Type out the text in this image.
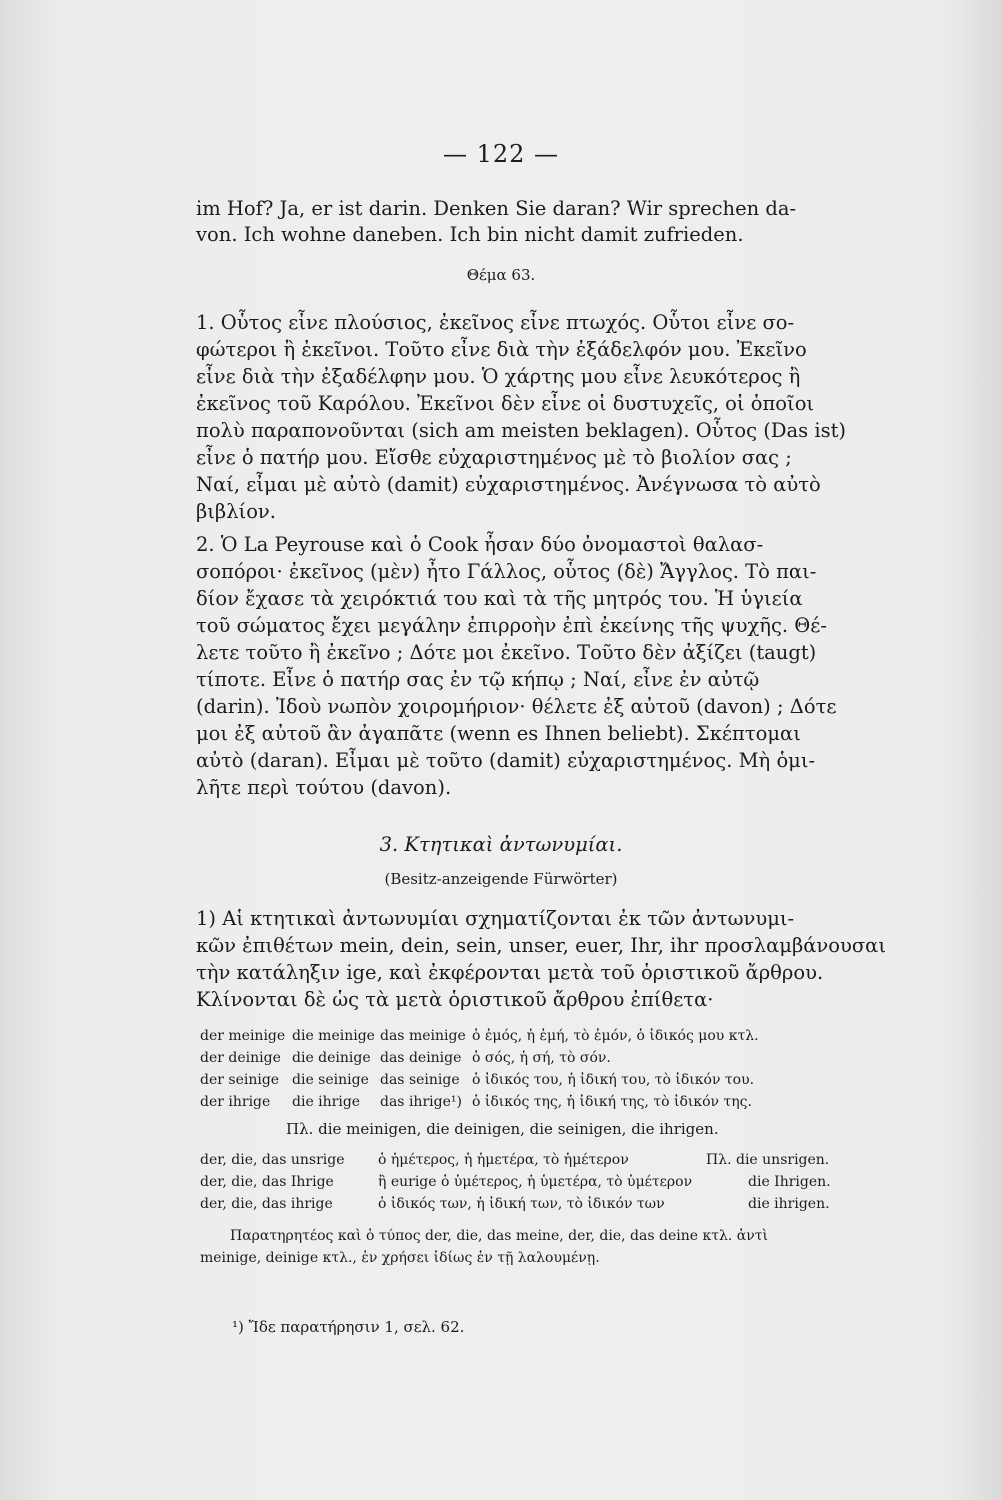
— 122 —
im Hof? Ja, er ist darin. Denken Sie daran? Wir sprechen da-
von. Ich wohne daneben. Ich bin nicht damit zufrieden.
Θέμα 63.
1. Οὗτος εἶνε πλούσιος, ἐκεῖνος εἶνε πτωχός. Οὗτοι εἶνε σο-
φώτεροι ἢ ἐκεῖνοι. Τοῦτο εἶνε διὰ τὴν ἐξάδελφόν μου. Ἐκεῖνο
εἶνε διὰ τὴν ἐξαδέλφην μου. Ὁ χάρτης μου εἶνε λευκότερος ἢ
ἐκεῖνος τοῦ Καρόλου. Ἐκεῖνοι δὲν εἶνε οἱ δυστυχεῖς, οἱ ὁποῖοι
πολὺ παραπονοῦνται (sich am meisten beklagen). Οὗτος (Das ist)
εἶνε ὁ πατήρ μου. Εἴσθε εὐχαριστημένος μὲ τὸ βιολίον σας ;
Ναί, εἶμαι μὲ αὐτὸ (damit) εὐχαριστημένος. Ἀνέγνωσα τὸ αὐτὸ
βιβλίον.
2. Ὁ La Peyrouse καὶ ὁ Cook ἦσαν δύο ὀνομαστοὶ θαλασ-
σοπόροι· ἐκεῖνος (μὲν) ἦτο Γάλλος, οὗτος (δὲ) Ἄγγλος. Τὸ παι-
δίον ἔχασε τὰ χειρόκτιά του καὶ τὰ τῆς μητρός του. Ἡ ὑγιεία
τοῦ σώματος ἔχει μεγάλην ἐπιρροὴν ἐπὶ ἐκείνης τῆς ψυχῆς. Θέ-
λετε τοῦτο ἢ ἐκεῖνο ; Δότε μοι ἐκεῖνο. Τοῦτο δὲν ἀξίζει (taugt)
τίποτε. Εἶνε ὁ πατήρ σας ἐν τῷ κήπῳ ; Ναί, εἶνε ἐν αὐτῷ
(darin). Ἰδοὺ νωπὸν χοιρομήριον· θέλετε ἐξ αὐτοῦ (davon) ; Δότε
μοι ἐξ αὐτοῦ ἂν ἀγαπᾶτε (wenn es Ihnen beliebt). Σκέπτομαι
αὐτὸ (daran). Εἶμαι μὲ τοῦτο (damit) εὐχαριστημένος. Μὴ ὁμι-
λῆτε περὶ τούτου (davon).
3. Κτητικαὶ ἀντωνυμίαι.
(Besitz-anzeigende Fürwörter)
1) Αἱ κτητικαὶ ἀντωνυμίαι σχηματίζονται ἐκ τῶν ἀντωνυμι-
κῶν ἐπιθέτων mein, dein, sein, unser, euer, Ihr, ihr προσλαμβάνουσαι
τὴν κατάληξιν ige, καὶ ἐκφέρονται μετὰ τοῦ ὁριστικοῦ ἄρθρου.
Κλίνονται δὲ ὡς τὰ μετὰ ὁριστικοῦ ἄρθρου ἐπίθετα·
der meinige die meinige das meinige ὁ ἐμός, ἡ ἐμή, τὸ ἐμόν, ὁ ἰδικός μου κτλ.
der deinige die deinige das deinige ὁ σός, ἡ σή, τὸ σόν.
der seinige die seinige das seinige ὁ ἰδικός του, ἡ ἰδική του, τὸ ἰδικόν του.
der ihrige die ihrige das ihrige¹) ὁ ἰδικός της, ἡ ἰδική της, τὸ ἰδικόν της.
Πλ. die meinigen, die deinigen, die seinigen, die ihrigen.
der, die, das unsrige ὁ ἡμέτερος, ἡ ἡμετέρα, τὸ ἡμέτερον	Πλ. die unsrigen.
der, die, das Ihrige	ἢ eurige ὁ ὑμέτερος, ἡ ὑμετέρα, τὸ ὑμέτερον	die Ihrigen.
der, die, das ihrige	ὁ ἰδικός των, ἡ ἰδική των, τὸ ἰδικόν των	die ihrigen.
Παρατηρητέος καὶ ὁ τύπος der, die, das meine, der, die, das deine κτλ. ἀντὶ
meinige, deinige κτλ., ἐν χρήσει ἰδίως ἐν τῇ λαλουμένῃ.
¹) Ἴδε παρατήρησιν 1, σελ. 62.
